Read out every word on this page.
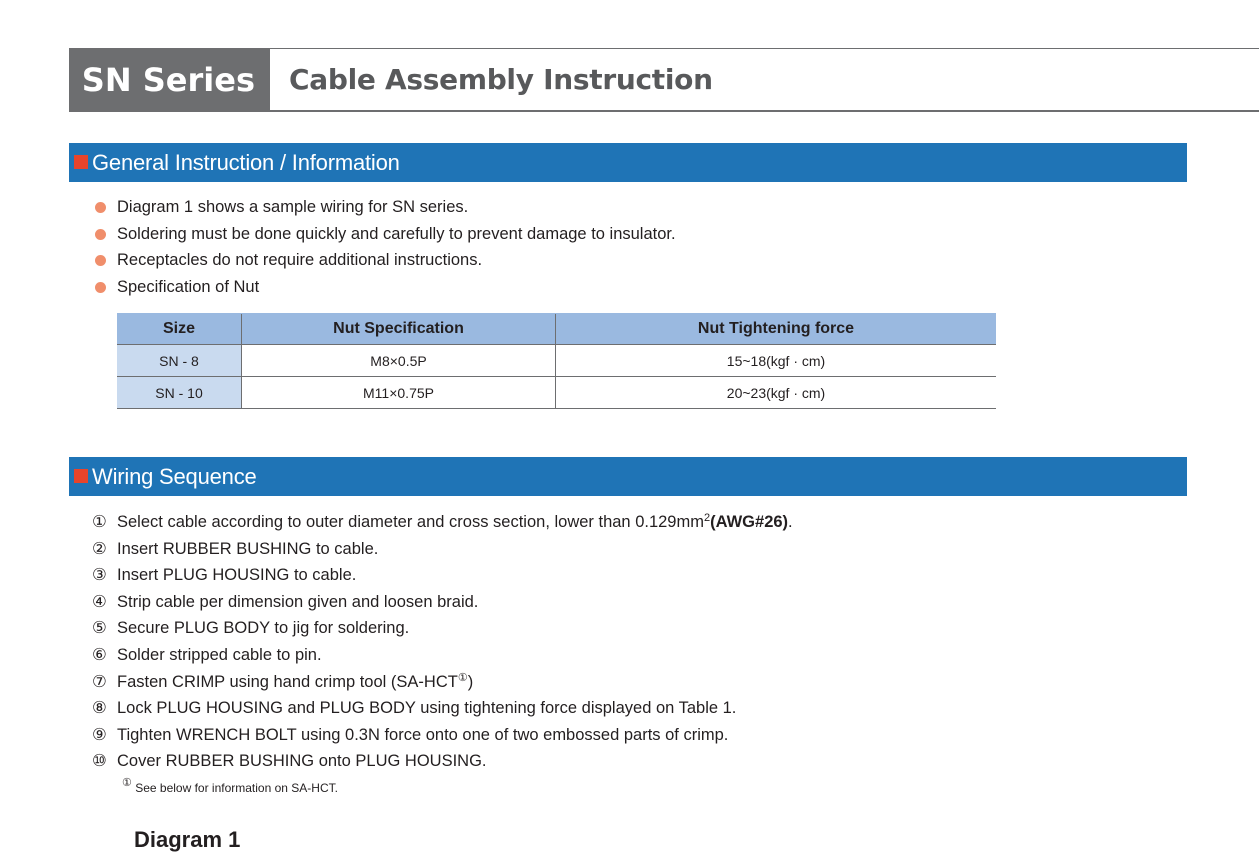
SN Series	Cable Assembly Instruction
General Instruction / Information
Diagram 1 shows a sample wiring for SN series.
Soldering must be done quickly and carefully to prevent damage to insulator.
Receptacles do not require additional instructions.
Specification of Nut
Size	Nut Specification	Nut Tightening force
SN - 8	M8×0.5P	15~18(kgf · cm)
SN - 10	M11×0.75P	20~23(kgf · cm)
Wiring Sequence
① Select cable according to outer diameter and cross section, lower than $0.129mm^2(AWG\#26)$.
② Insert RUBBER BUSHING to cable.
③ Insert PLUG HOUSING to cable.
④ Strip cable per dimension given and loosen braid.
⑤ Secure PLUG BODY to jig for soldering.
⑥ Solder stripped cable to pin.
⑦ Fasten CRIMP using hand crimp tool (SA-HCT①)
⑧ Lock PLUG HOUSING and PLUG BODY using tightening force displayed on Table 1.
⑨ Tighten WRENCH BOLT using 0.3N force onto one of two embossed parts of crimp.
⑩ Cover RUBBER BUSHING onto PLUG HOUSING.
① See below for information on SA-HCT.
Diagram 1
